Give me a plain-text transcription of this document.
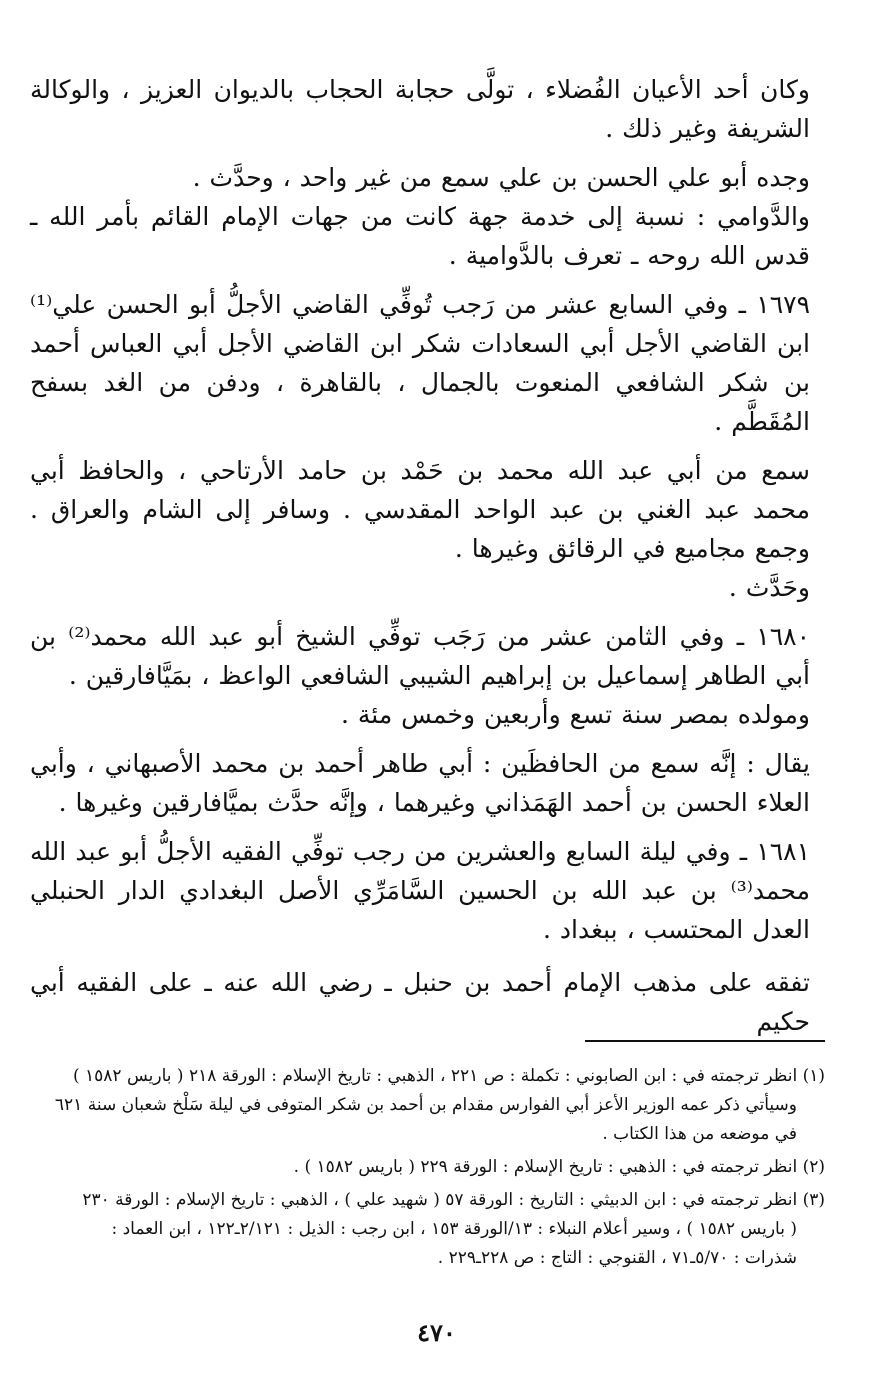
وكان أحد الأعيان الفُضلاء ، تولَّى حجابة الحجاب بالديوان العزيز ، والوكالة الشريفة وغير ذلك .

وجده أبو علي الحسن بن علي سمع من غير واحد ، وحدَّث .

والدَّوامي : نسبة إلى خدمة جهة كانت من جهات الإمام القائم بأمر الله ـ قدس الله روحه ـ تعرف بالدَّوامية .

١٦٧٩ ـ وفي السابع عشر من رَجب تُوفِّي القاضي الأجلُّ أبو الحسن علي⁽¹⁾ ابن القاضي الأجل أبي السعادات شكر ابن القاضي الأجل أبي العباس أحمد بن شكر الشافعي المنعوت بالجمال ، بالقاهرة ، ودفن من الغد بسفح المُقَطَّم .

سمع من أبي عبد الله محمد بن حَمْد بن حامد الأرتاحي ، والحافظ أبي محمد عبد الغني بن عبد الواحد المقدسي . وسافر إلى الشام والعراق . وجمع مجاميع في الرقائق وغيرها .

وحَدَّث .

١٦٨٠ ـ وفي الثامن عشر من رَجَب توفِّي الشيخ أبو عبد الله محمد⁽²⁾ بن أبي الطاهر إسماعيل بن إبراهيم الشيبي الشافعي الواعظ ، بمَيَّافارقين .

ومولده بمصر سنة تسع وأربعين وخمس مئة .

يقال : إنَّه سمع من الحافظَين : أبي طاهر أحمد بن محمد الأصبهاني ، وأبي العلاء الحسن بن أحمد الهَمَذاني وغيرهما ، وإنَّه حدَّث بميَّافارقين وغيرها .

١٦٨١ ـ وفي ليلة السابع والعشرين من رجب توفِّي الفقيه الأجلُّ أبو عبد الله محمد⁽³⁾ بن عبد الله بن الحسين السَّامَرِّي الأصل البغدادي الدار الحنبلي العدل المحتسب ، ببغداد .

تفقه على مذهب الإمام أحمد بن حنبل ـ رضي الله عنه ـ على الفقيه أبي حكيم

(١) انظر ترجمته في : ابن الصابوني : تكملة : ص ٢٢١ ، الذهبي : تاريخ الإسلام : الورقة ٢١٨ ( باريس ١٥٨٢ )

وسيأتي ذكر عمه الوزير الأعز أبي الفوارس مقدام بن أحمد بن شكر المتوفى في ليلة سَلْخ شعبان سنة ٦٢١ في موضعه من هذا الكتاب .

(٢) انظر ترجمته في : الذهبي : تاريخ الإسلام : الورقة ٢٢٩ ( باريس ١٥٨٢ ) .

(٣) انظر ترجمته في : ابن الدبيثي : التاريخ : الورقة ٥٧ ( شهيد علي ) ، الذهبي : تاريخ الإسلام : الورقة ٢٣٠

( باريس ١٥٨٢ ) ، وسير أعلام النبلاء : ١٣/الورقة ١٥٣ ، ابن رجب : الذيل : ٢/١٢١ـ١٢٢ ، ابن العماد :

شذرات : ٥/٧٠ـ٧١ ، القنوجي : التاج : ص ٢٢٨ـ٢٢٩ .

٤٧٠
